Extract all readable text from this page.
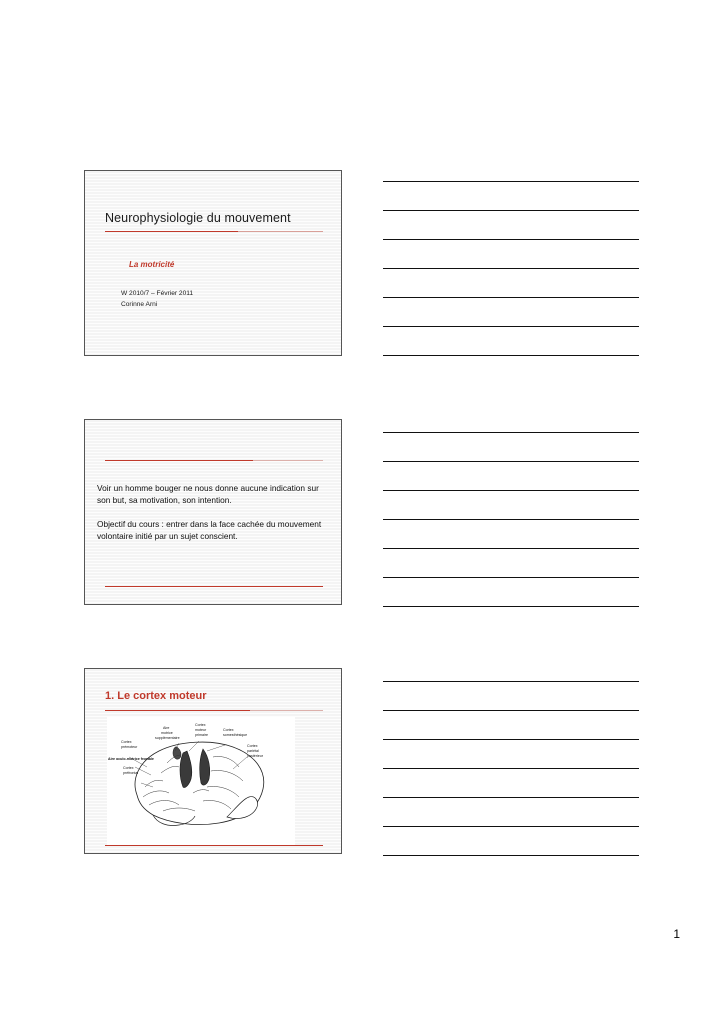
Neurophysiologie du mouvement
La motricité
W 2010/7 – Février 2011
Corinne Arni

Voir un homme bouger ne nous donne aucune indication sur son but, sa motivation, son intention.

Objectif du cours : entrer dans la face cachée du mouvement volontaire initié par un sujet conscient.

1. Le cortex moteur
Aire
motrice
supplémentaire
Cortex
moteur
primaire
Cortex
somesthésique
Cortex
prémoteur	Cortex
pariétal
postérieur
Aire oculo-motrice frontale
Cortex
préfrontal
1
